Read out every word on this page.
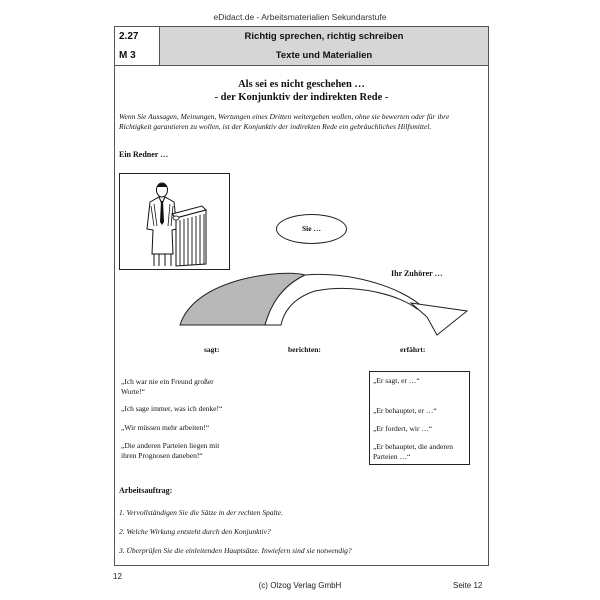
eDidact.de - Arbeitsmaterialien Sekundarstufe
2.27	Richtig sprechen, richtig schreiben
M 3	Texte und Materialien
Als sei es nicht geschehen …
- der Konjunktiv der indirekten Rede -
Wenn Sie Aussagen, Meinungen, Wertungen eines Dritten weitergeben wollen, ohne sie bewerten oder für ihre Richtigkeit garantieren zu wollen, ist der Konjunktiv der indirekten Rede ein gebräuchliches Hilfsmittel.
Ein Redner …
Sie …
Ihr Zuhörer …
sagt:	berichten:	erfährt:
„Ich war nie ein Freund großer Worte!“
„Ich sage immer, was ich denke!“
„Wir müssen mehr arbeiten!“
„Die anderen Parteien liegen mit ihren Prognosen daneben!“
„Er sagt, er …“
„Er behauptet, er …“
„Er fordert, wir …“
„Er behauptet, die anderen Parteien …“
Arbeitsauftrag:
1. Vervollständigen Sie die Sätze in der rechten Spalte.
2. Welche Wirkung entsteht durch den Konjunktiv?
3. Überprüfen Sie die einleitenden Hauptsätze. Inwiefern sind sie notwendig?
12
(c) Olzog Verlag GmbH	Seite 12
